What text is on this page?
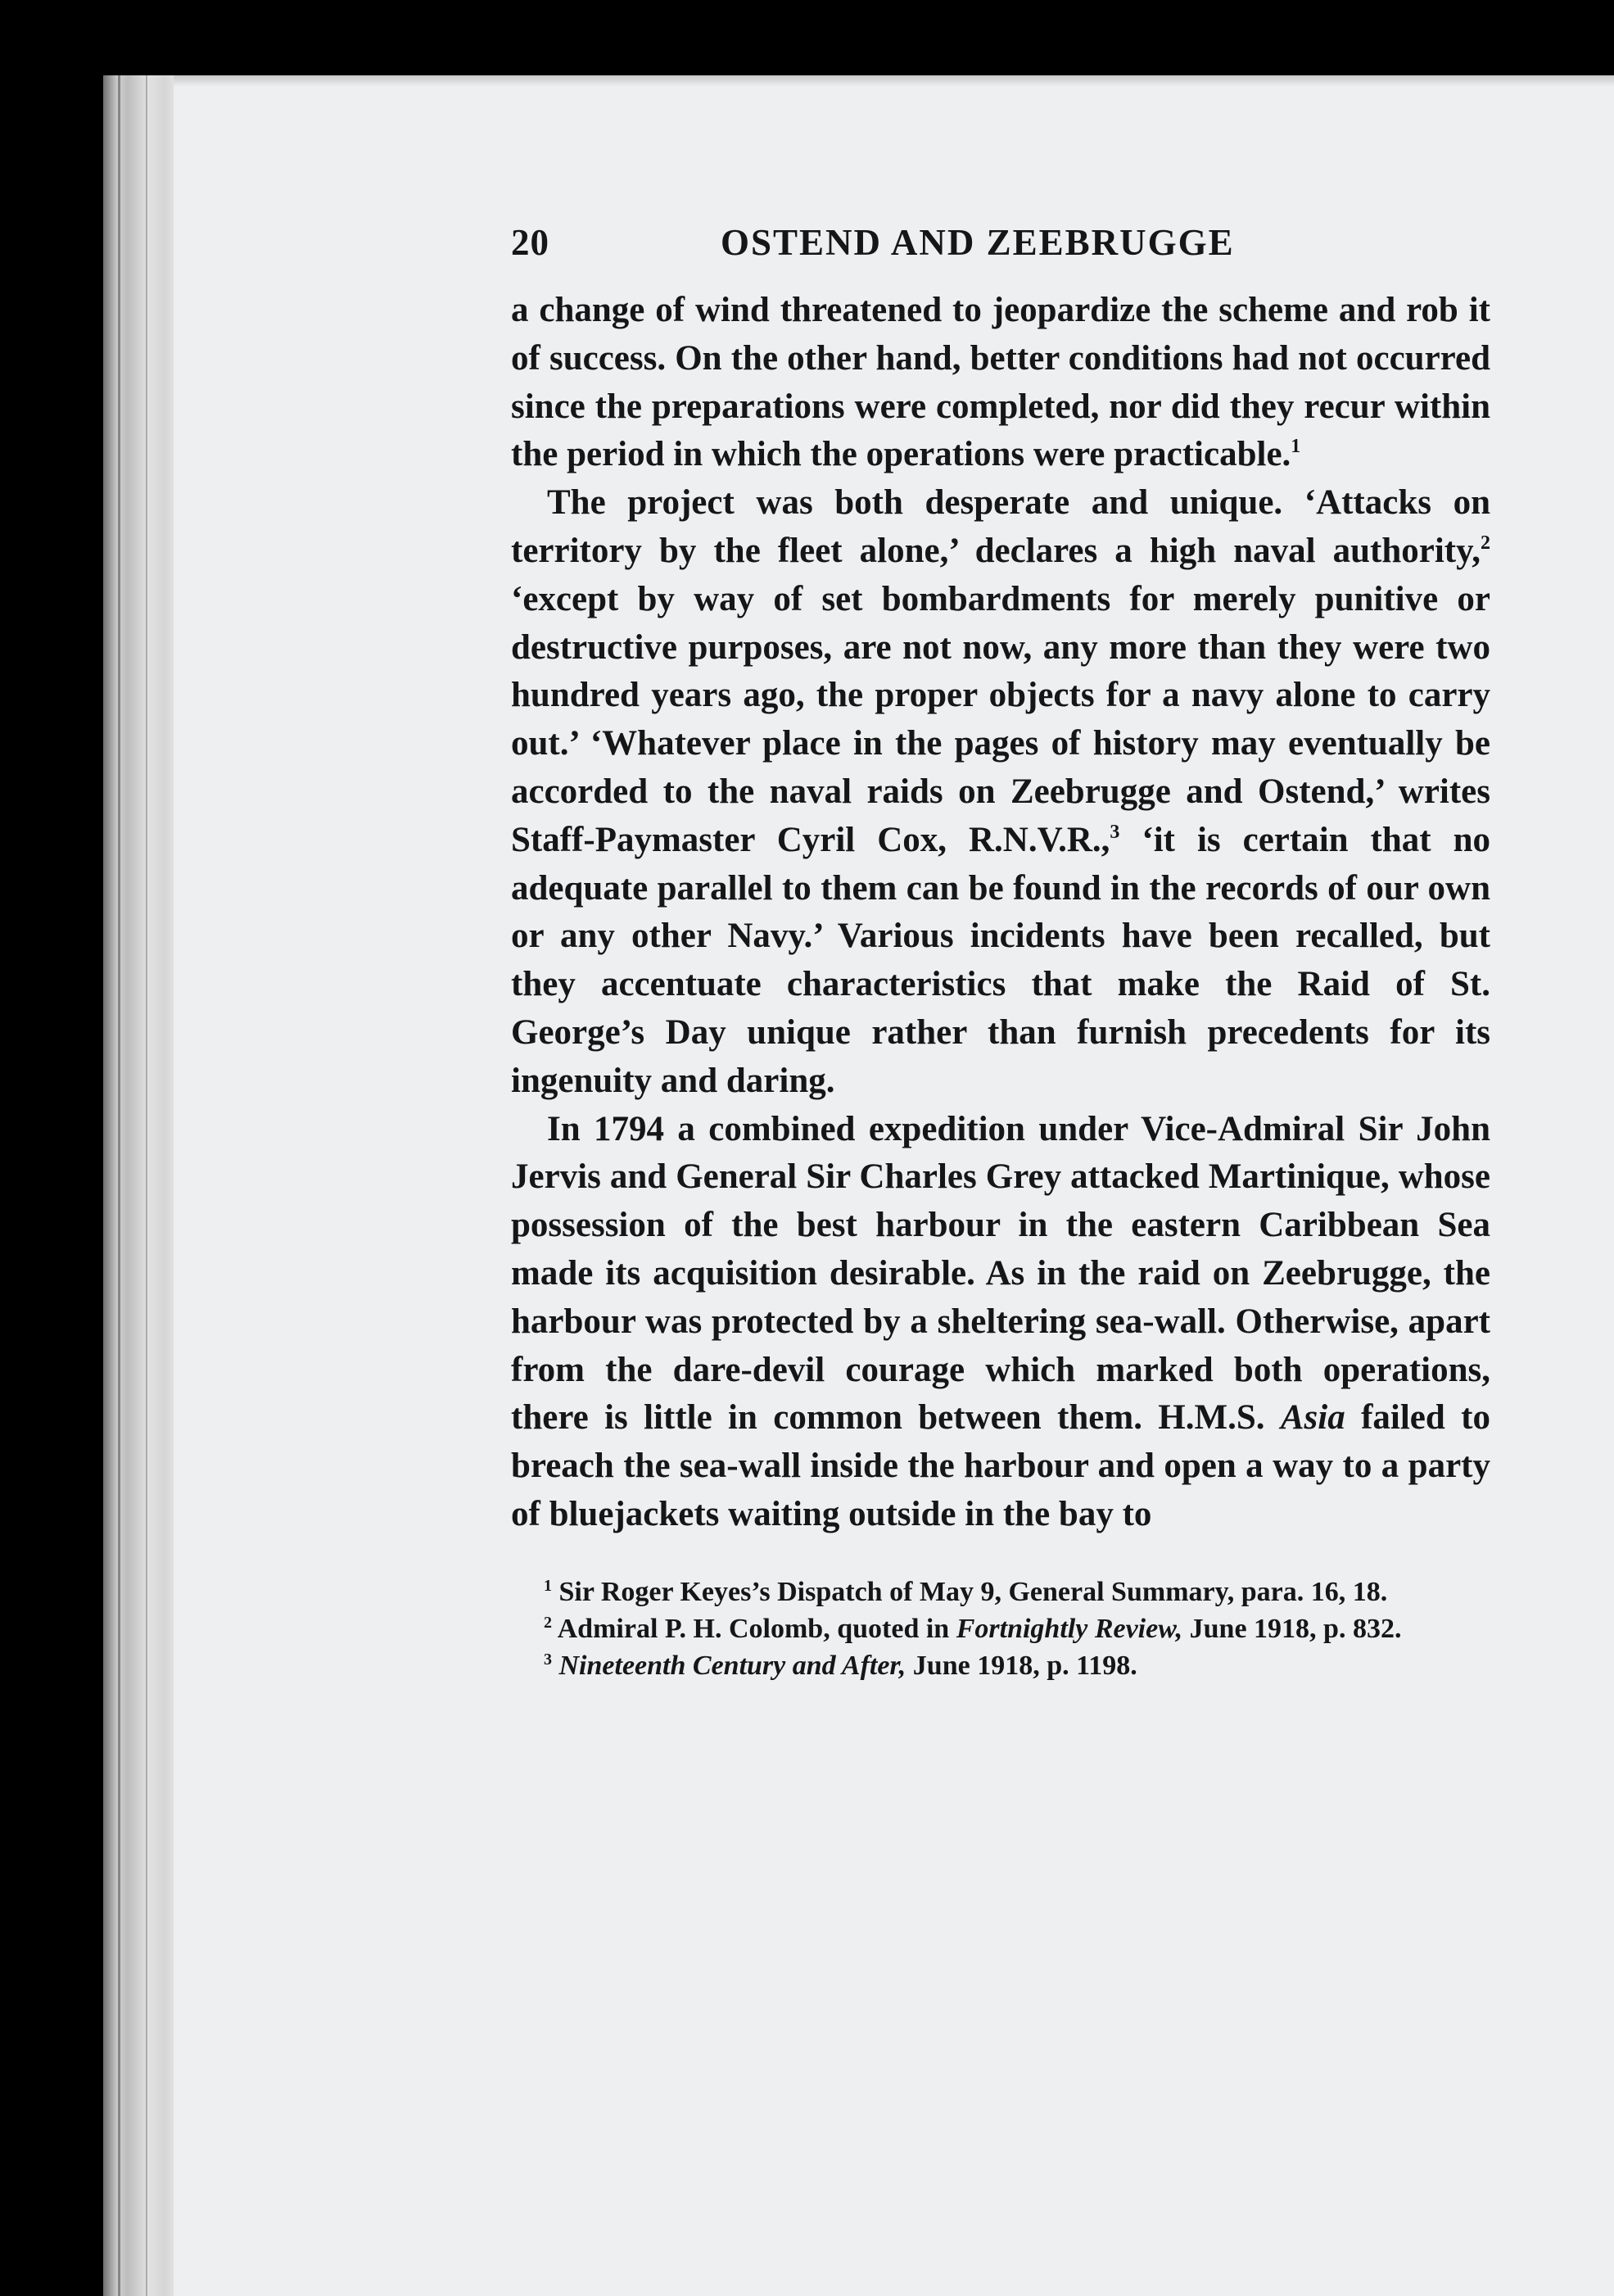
20	OSTEND AND ZEEBRUGGE

a change of wind threatened to jeopardize the scheme and rob it of success. On the other hand, better conditions had not occurred since the preparations were completed, nor did they recur within the period in which the operations were practicable.$^1$

The project was both desperate and unique. ‘Attacks on territory by the fleet alone,’ declares a high naval authority,$^2$ ‘except by way of set bombardments for merely punitive or destructive purposes, are not now, any more than they were two hundred years ago, the proper objects for a navy alone to carry out.’ ‘Whatever place in the pages of history may eventually be accorded to the naval raids on Zeebrugge and Ostend,’ writes Staff-Paymaster Cyril Cox, R.N.V.R.,$^3$ ‘it is certain that no adequate parallel to them can be found in the records of our own or any other Navy.’ Various incidents have been recalled, but they accentuate characteristics that make the Raid of St. George’s Day unique rather than furnish precedents for its ingenuity and daring.

In 1794 a combined expedition under Vice-Admiral Sir John Jervis and General Sir Charles Grey attacked Martinique, whose possession of the best harbour in the eastern Caribbean Sea made its acquisition desirable. As in the raid on Zeebrugge, the harbour was protected by a sheltering sea-wall. Otherwise, apart from the dare-devil courage which marked both operations, there is little in common between them. H.M.S. Asia failed to breach the sea-wall inside the harbour and open a way to a party of bluejackets waiting outside in the bay to

$^1$ Sir Roger Keyes’s Dispatch of May 9, General Summary, para. 16, 18.

$^2$ Admiral P. H. Colomb, quoted in Fortnightly Review, June 1918, p. 832.

$^3$ Nineteenth Century and After, June 1918, p. 1198.
